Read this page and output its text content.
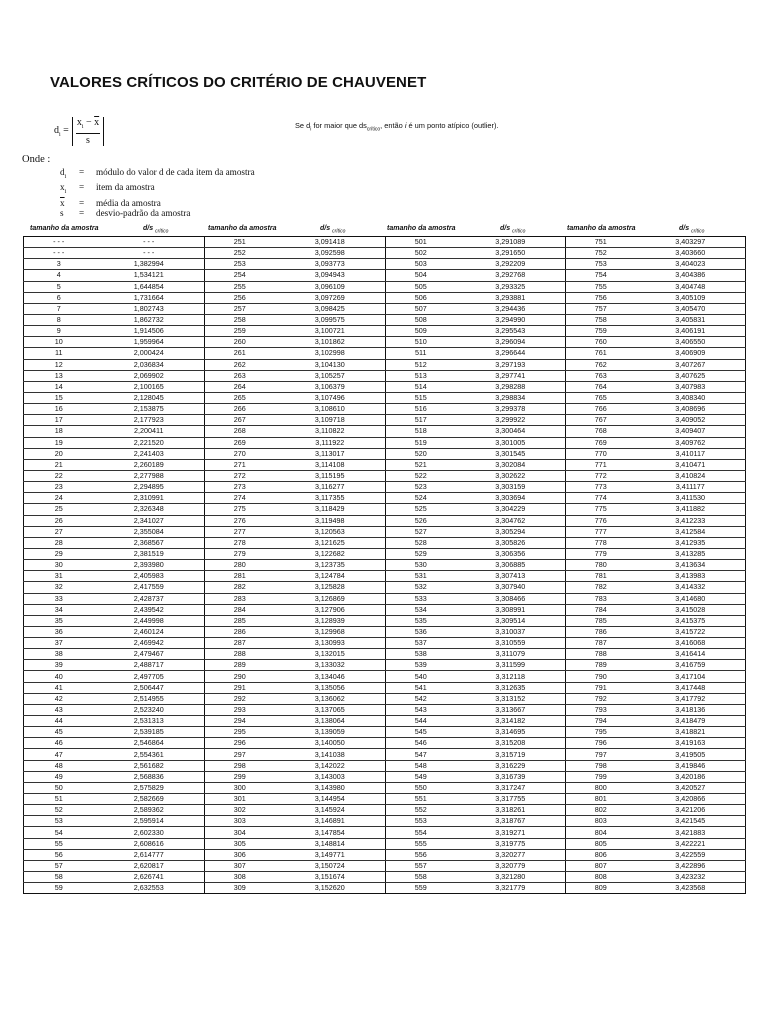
VALORES CRÍTICOS DO CRITÉRIO DE CHAUVENET
$d_i = \frac{x_i - \overline{x}}{s}$	Se $d_i$ for maior que $ds_{crítico}$, então i é um ponto atípico (outlier).
Onde :
$d_i$	=	módulo do valor d de cada item da amostra
$x_i$	=	item da amostra
$\overline{x}$	=	média da amostra
s	=	desvio-padrão da amostra
tamanho da amostra	d/s $_{crítico}$	tamanho da amostra	d/s $_{crítico}$	tamanho da amostra	d/s $_{crítico}$	tamanho da amostra	d/s $_{crítico}$
- - -	- - -	251	3,091418	501	3,291089	751	3,403297
- - -	- - -	252	3,092598	502	3,291650	752	3,403660
3	1,382994	253	3,093773	503	3,292209	753	3,404023
4	1,534121	254	3,094943	504	3,292768	754	3,404386
5	1,644854	255	3,096109	505	3,293325	755	3,404748
6	1,731664	256	3,097269	506	3,293881	756	3,405109
7	1,802743	257	3,098425	507	3,294436	757	3,405470
8	1,862732	258	3,099575	508	3,294990	758	3,405831
9	1,914506	259	3,100721	509	3,295543	759	3,406191
10	1,959964	260	3,101862	510	3,296094	760	3,406550
11	2,000424	261	3,102998	511	3,296644	761	3,406909
12	2,036834	262	3,104130	512	3,297193	762	3,407267
13	2,069902	263	3,105257	513	3,297741	763	3,407625
14	2,100165	264	3,106379	514	3,298288	764	3,407983
15	2,128045	265	3,107496	515	3,298834	765	3,408340
16	2,153875	266	3,108610	516	3,299378	766	3,408696
17	2,177923	267	3,109718	517	3,299922	767	3,409052
18	2,200411	268	3,110822	518	3,300464	768	3,409407
19	2,221520	269	3,111922	519	3,301005	769	3,409762
20	2,241403	270	3,113017	520	3,301545	770	3,410117
21	2,260189	271	3,114108	521	3,302084	771	3,410471
22	2,277988	272	3,115195	522	3,302622	772	3,410824
23	2,294895	273	3,116277	523	3,303159	773	3,411177
24	2,310991	274	3,117355	524	3,303694	774	3,411530
25	2,326348	275	3,118429	525	3,304229	775	3,411882
26	2,341027	276	3,119498	526	3,304762	776	3,412233
27	2,355084	277	3,120563	527	3,305294	777	3,412584
28	2,368567	278	3,121625	528	3,305826	778	3,412935
29	2,381519	279	3,122682	529	3,306356	779	3,413285
30	2,393980	280	3,123735	530	3,306885	780	3,413634
31	2,405983	281	3,124784	531	3,307413	781	3,413983
32	2,417559	282	3,125828	532	3,307940	782	3,414332
33	2,428737	283	3,126869	533	3,308466	783	3,414680
34	2,439542	284	3,127906	534	3,308991	784	3,415028
35	2,449998	285	3,128939	535	3,309514	785	3,415375
36	2,460124	286	3,129968	536	3,310037	786	3,415722
37	2,469942	287	3,130993	537	3,310559	787	3,416068
38	2,479467	288	3,132015	538	3,311079	788	3,416414
39	2,488717	289	3,133032	539	3,311599	789	3,416759
40	2,497705	290	3,134046	540	3,312118	790	3,417104
41	2,506447	291	3,135056	541	3,312635	791	3,417448
42	2,514955	292	3,136062	542	3,313152	792	3,417792
43	2,523240	293	3,137065	543	3,313667	793	3,418136
44	2,531313	294	3,138064	544	3,314182	794	3,418479
45	2,539185	295	3,139059	545	3,314695	795	3,418821
46	2,546864	296	3,140050	546	3,315208	796	3,419163
47	2,554361	297	3,141038	547	3,315719	797	3,419505
48	2,561682	298	3,142022	548	3,316229	798	3,419846
49	2,568836	299	3,143003	549	3,316739	799	3,420186
50	2,575829	300	3,143980	550	3,317247	800	3,420527
51	2,582669	301	3,144954	551	3,317755	801	3,420866
52	2,589362	302	3,145924	552	3,318261	802	3,421206
53	2,595914	303	3,146891	553	3,318767	803	3,421545
54	2,602330	304	3,147854	554	3,319271	804	3,421883
55	2,608616	305	3,148814	555	3,319775	805	3,422221
56	2,614777	306	3,149771	556	3,320277	806	3,422559
57	2,620817	307	3,150724	557	3,320779	807	3,422896
58	2,626741	308	3,151674	558	3,321280	808	3,423232
59	2,632553	309	3,152620	559	3,321779	809	3,423568
